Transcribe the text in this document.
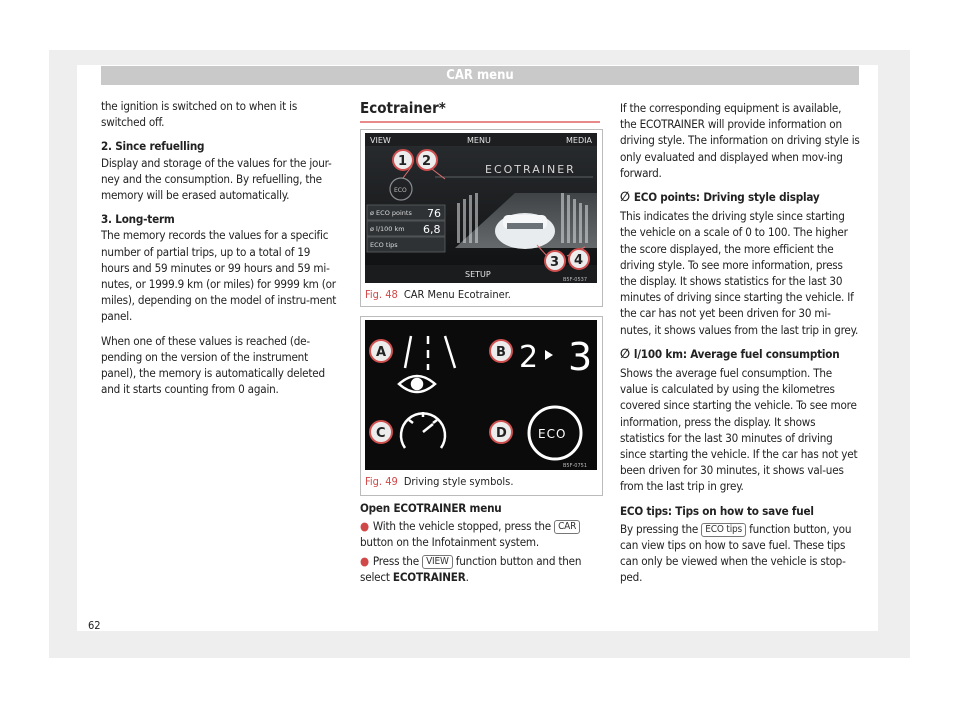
CAR menu

the ignition is switched on to when it is switched off.

2. Since refuelling

Display and storage of the values for the jour-ney and the consumption. By refuelling, the memory will be erased automatically.

3. Long-term

The memory records the values for a specific number of partial trips, up to a total of 19 hours and 59 minutes or 99 hours and 59 mi-nutes, or 1999.9 km (or miles) for 9999 km (or miles), depending on the model of instru-ment panel.

When one of these values is reached (de-pending on the version of the instrument panel), the memory is automatically deleted and it starts counting from 0 again.

Ecotrainer*
VIEW	MENU	MEDIA
ECOTRAINER
ECO
ø ECO points 76
ø l/100 km 6,8
ECO tips
SETUP
B5F-0537
1 2
3 4
Fig. 48 CAR Menu Ecotrainer.
2 3
ECO
B5F-0751
A	B
C	D
Fig. 49 Driving style symbols.

Open ECOTRAINER menu

● With the vehicle stopped, press the CAR button on the Infotainment system.

● Press the VIEW function button and then select ECOTRAINER.

If the corresponding equipment is available, the ECOTRAINER will provide information on driving style. The information on driving style is only evaluated and displayed when mov-ing forward.

∅ ECO points: Driving style display

This indicates the driving style since starting the vehicle on a scale of 0 to 100. The higher the score displayed, the more efficient the driving style. To see more information, press the display. It shows statistics for the last 30 minutes of driving since starting the vehicle. If the car has not yet been driven for 30 mi-nutes, it shows values from the last trip in grey.

∅ l/100 km: Average fuel consumption

Shows the average fuel consumption. The value is calculated by using the kilometres covered since starting the vehicle. To see more information, press the display. It shows statistics for the last 30 minutes of driving since starting the vehicle. If the car has not yet been driven for 30 minutes, it shows val-ues from the last trip in grey.

ECO tips: Tips on how to save fuel

By pressing the ECO tips function button, you can view tips on how to save fuel. These tips can only be viewed when the vehicle is stop-ped.

62
